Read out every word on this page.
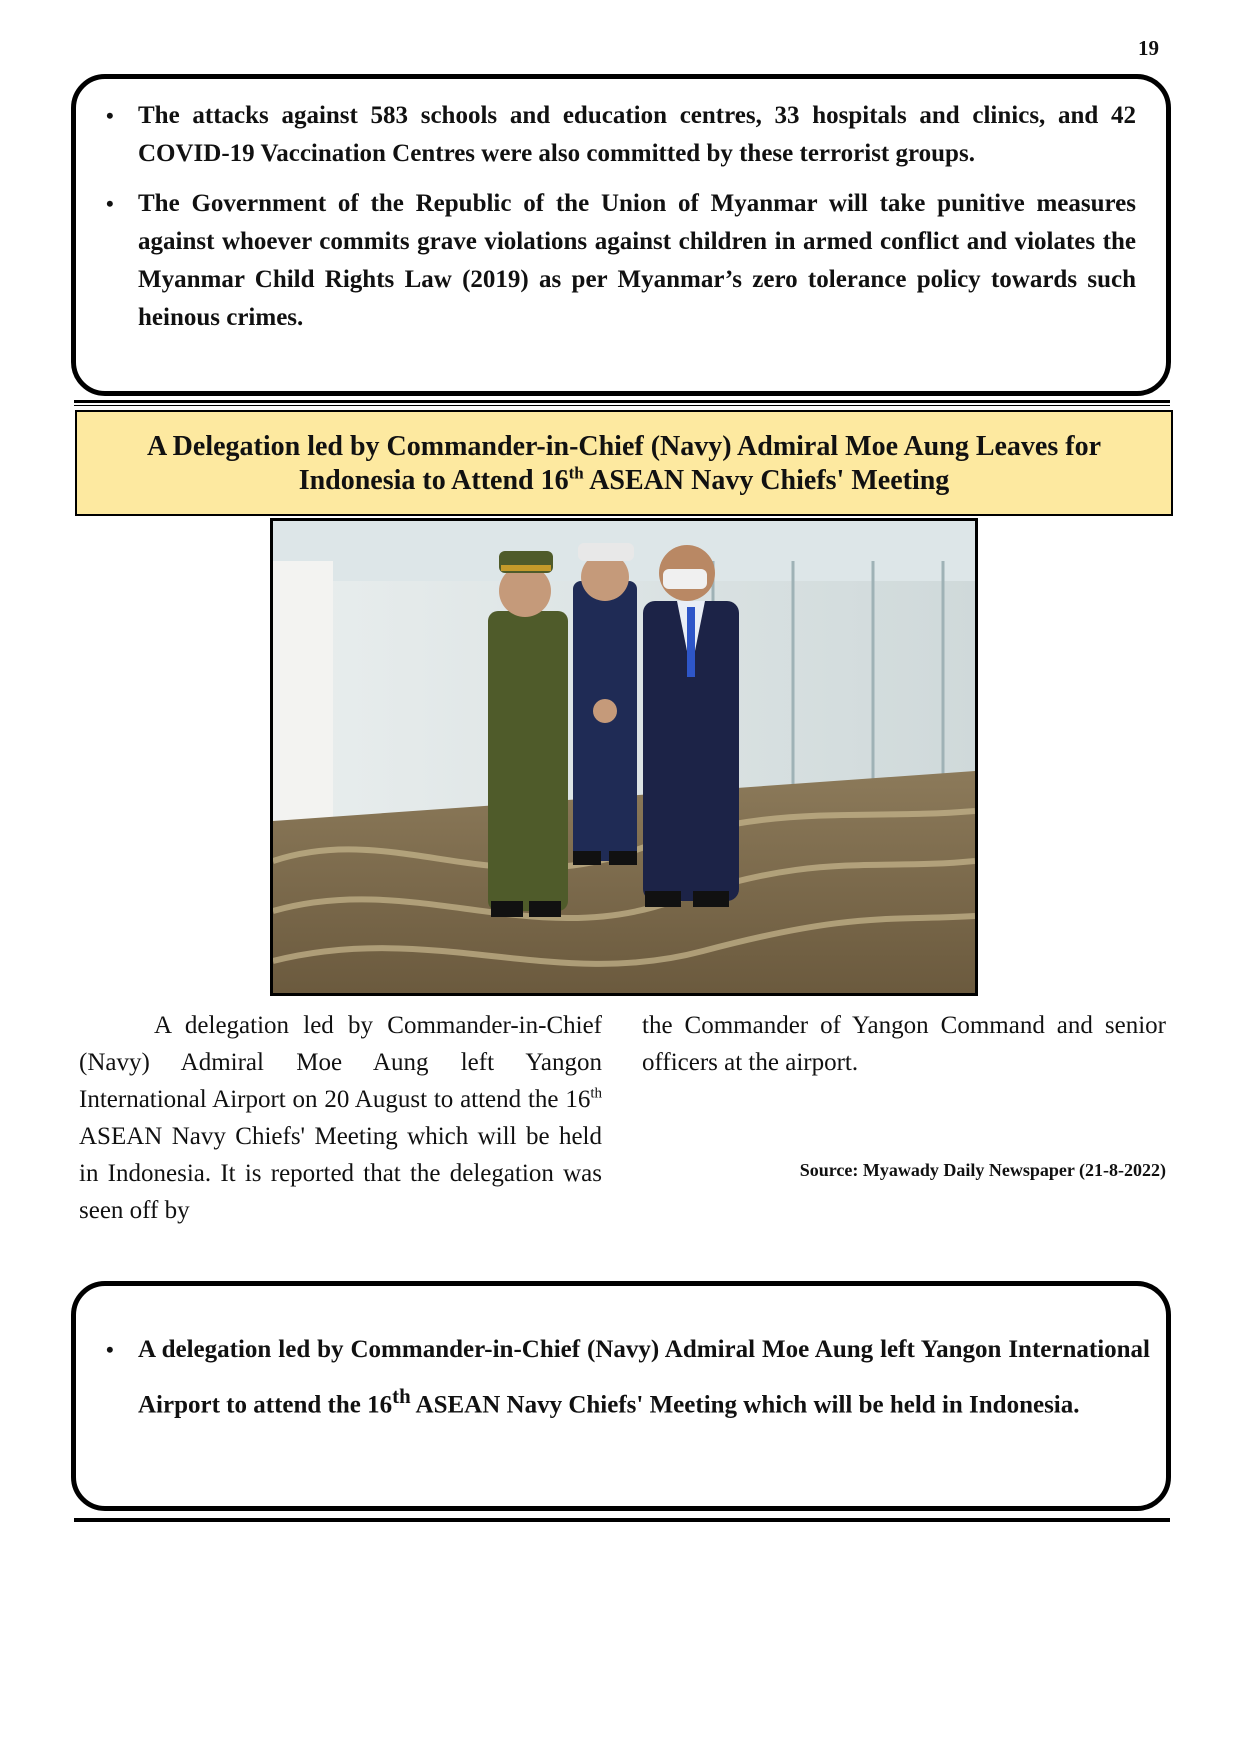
19
• The attacks against 583 schools and education centres, 33 hospitals and clinics, and 42 COVID-19 Vaccination Centres were also committed by these terrorist groups.
• The Government of the Republic of the Union of Myanmar will take punitive measures against whoever commits grave violations against children in armed conflict and violates the Myanmar Child Rights Law (2019) as per Myanmar’s zero tolerance policy towards such heinous crimes.
A Delegation led by Commander-in-Chief (Navy) Admiral Moe Aung Leaves for
Indonesia to Attend 16th ASEAN Navy Chiefs' Meeting

A delegation led by Commander-in-Chief (Navy) Admiral Moe Aung left Yangon International Airport on 20 August to attend the 16th ASEAN Navy Chiefs' Meeting which will be held in Indonesia. It is reported that the delegation was seen off by

the Commander of Yangon Command and senior officers at the airport.

Source: Myawady Daily Newspaper (21-8-2022)
• A delegation led by Commander-in-Chief (Navy) Admiral Moe Aung left Yangon International Airport to attend the 16th ASEAN Navy Chiefs' Meeting which will be held in Indonesia.
